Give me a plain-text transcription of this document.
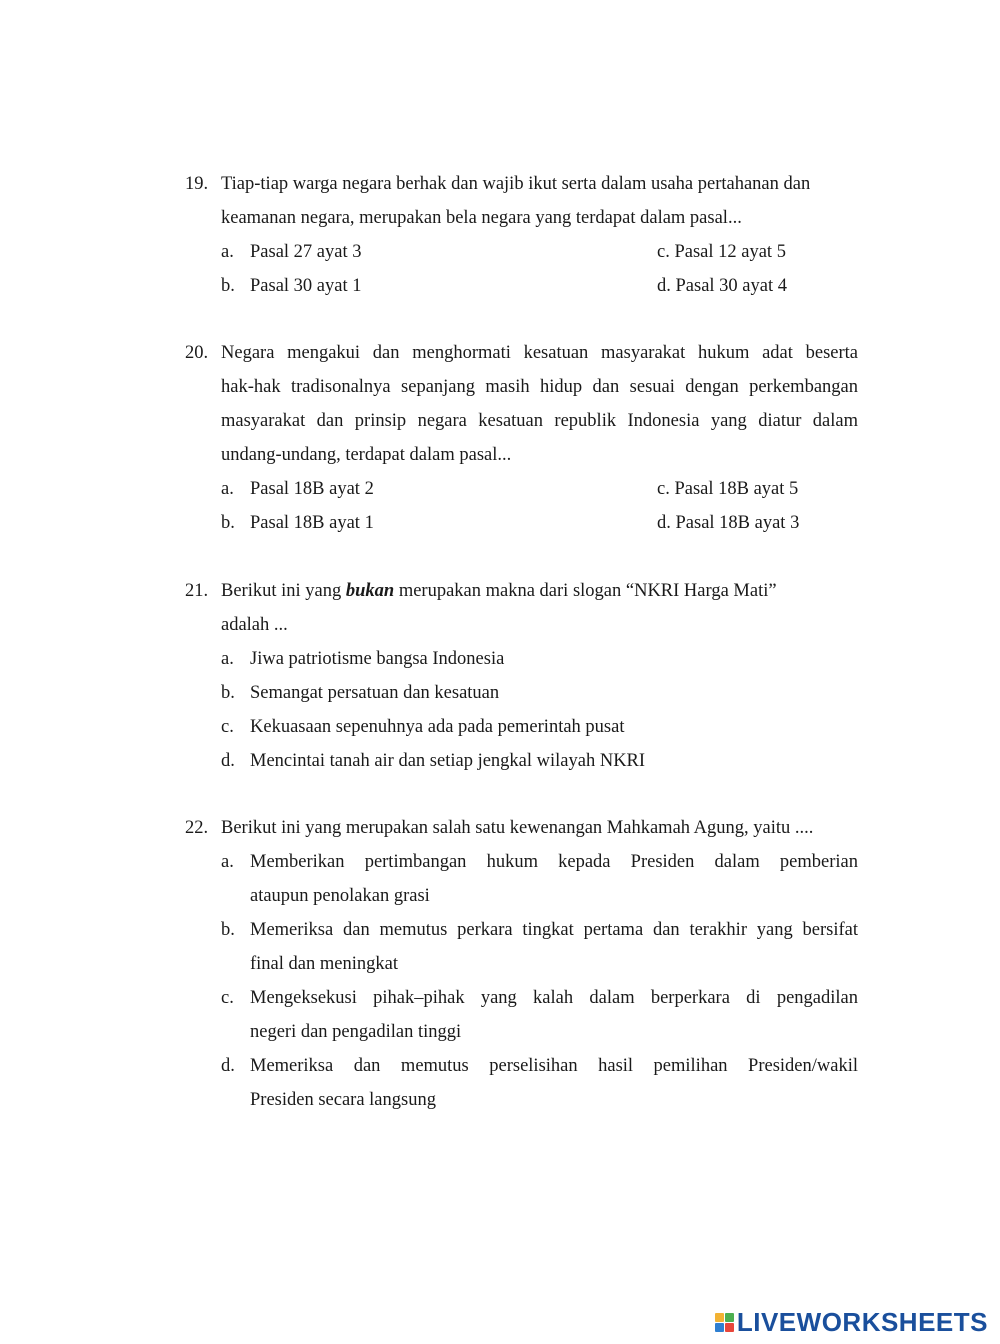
19. Tiap-tiap warga negara berhak dan wajib ikut serta dalam usaha pertahanan dan
keamanan negara, merupakan bela negara yang terdapat dalam pasal...
a. Pasal 27 ayat 3	c. Pasal 12 ayat 5
b. Pasal 30 ayat 1	d. Pasal 30 ayat 4
20. Negara mengakui dan menghormati kesatuan masyarakat hukum adat beserta
hak-hak tradisonalnya sepanjang masih hidup dan sesuai dengan perkembangan
masyarakat dan prinsip negara kesatuan republik Indonesia yang diatur dalam
undang-undang, terdapat dalam pasal...
a. Pasal 18B ayat 2	c. Pasal 18B ayat 5
b. Pasal 18B ayat 1	d. Pasal 18B ayat 3
21. Berikut ini yang bukan merupakan makna dari slogan “NKRI Harga Mati”
adalah ...
a. Jiwa patriotisme bangsa Indonesia
b. Semangat persatuan dan kesatuan
c. Kekuasaan sepenuhnya ada pada pemerintah pusat
d. Mencintai tanah air dan setiap jengkal wilayah NKRI
22. Berikut ini yang merupakan salah satu kewenangan Mahkamah Agung, yaitu ....
a. Memberikan pertimbangan hukum kepada Presiden dalam pemberian
ataupun penolakan grasi
b. Memeriksa dan memutus perkara tingkat pertama dan terakhir yang bersifat
final dan meningkat
c. Mengeksekusi pihak–pihak yang kalah dalam berperkara di pengadilan
negeri dan pengadilan tinggi
d. Memeriksa dan memutus perselisihan hasil pemilihan Presiden/wakil
Presiden secara langsung
LIVEWORKSHEETS
